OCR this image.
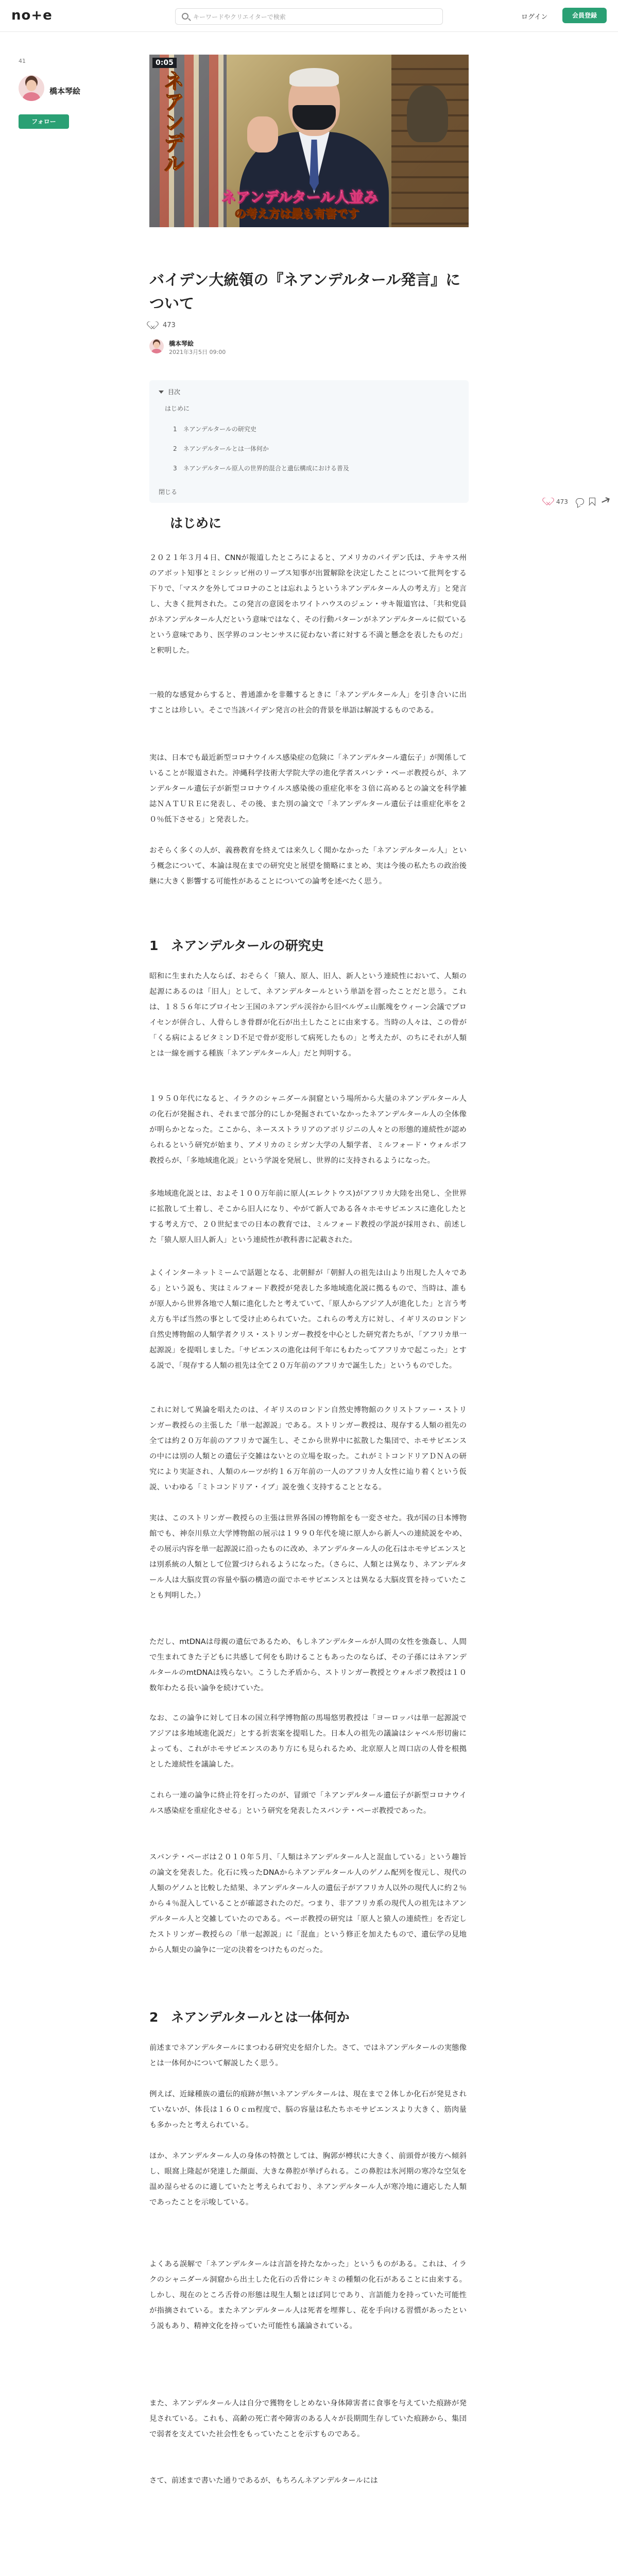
no+e
キーワードやクリエイターで検索	ログイン	会員登録
41
橋本琴絵
フォロー
0:05
ネアンデル
ネアンデルタール人並み
の考え方は最も有害です
バイデン大統領の『ネアンデルタール発言』について
473
橋本琴絵
2021年3月5日 09:00
目次
はじめに
1　ネアンデルタールの研究史
2　ネアンデルタールとは一体何か
3　ネアンデルタール原人の世界的混合と遺伝構成における普及
閉じる
473
はじめに

２０２１年３月４日、CNNが報道したところによると、アメリカのバイデン氏は、テキサス州のアボット知事とミシシッピ州のリーブス知事が出置解除を決定したことについて批判をする下りで、「マスクを外してコロナのことは忘れようというネアンデルタール人の考え方」と発言し、大きく批判された。この発言の意図をホワイトハウスのジェン・サキ報道官は、「共和党員がネアンデルタール人だという意味ではなく、その行動パターンがネアンデルタールに似ているという意味であり、医学界のコンセンサスに従わない者に対する不満と懸念を表したものだ」と釈明した。

一般的な感覚からすると、普通誰かを非難するときに「ネアンデルタール人」を引き合いに出すことは珍しい。そこで当該バイデン発言の社会的背景を単語は解説するものである。

実は、日本でも最近新型コロナウイルス感染症の危険に「ネアンデルタール遺伝子」が関係していることが報道された。沖縄科学技術大学院大学の進化学者スバンテ・ペーボ教授らが、ネアンデルタール遺伝子が新型コロナウイルス感染後の重症化率を３倍に高めるとの論文を科学雑誌ＮＡＴＵＲＥに発表し、その後、また別の論文で「ネアンデルタール遺伝子は重症化率を２０％低下させる」と発表した。

おそらく多くの人が、義務教育を終えては来久しく聞かなかった「ネアンデルタール人」という概念について、本論は現在までの研究史と展望を簡略にまとめ、実は今後の私たちの政治後継に大きく影響する可能性があることについての論考を述べたく思う。

1　ネアンデルタールの研究史

昭和に生まれた人ならば、おそらく「猿人、原人、旧人、新人という連続性において、人類の起源にあるのは「旧人」として、ネアンデルタールという単語を習ったことだと思う。これは、１８５６年にプロイセン王国のネアンデル渓谷から旧ベルヴェ山脈塊をウィーン会議でプロイセンが併合し、人骨らしき骨群が化石が出土したことに由来する。当時の人々は、この骨が「くる病によるビタミンＤ不足で骨が変形して病死したもの」と考えたが、のちにそれが人類とは一線を画する種族「ネアンデルタール人」だと判明する。

１９５０年代になると、イラクのシャニダール洞窟という場所から大量のネアンデルタール人の化石が発掘され、それまで部分的にしか発掘されていなかったネアンデルタール人の全体像が明らかとなった。ここから、ネースストラリアのアボリジニの人々との形態的連続性が認められるという研究が始まり、アメリカのミシガン大学の人類学者、ミルフォード・ウォルポフ教授らが、「多地域進化説」という学説を発展し、世界的に支持されるようになった。

多地域進化説とは、およそ１００万年前に原人(エレクトウス)がアフリカ大陸を出発し、全世界に拡散して土着し、そこから旧人になり、やがて新人である各々ホモサピエンスに進化したとする考え方で、２０世紀までの日本の教育では、ミルフォード教授の学説が採用され、前述した「猿人原人旧人新人」という連続性が教科書に記載された。

よくインターネットミームで話題となる、北朝鮮が「朝鮮人の祖先は山より出現した人々である」という説も、実はミルフォード教授が発表した多地域進化説に拠るもので、当時は、誰もが原人から世界各地で人類に進化したと考えていて、「原人からアジア人が進化した」と言う考え方も半ば当然の事として受け止められていた。これらの考え方に対し、イギリスのロンドン自然史博物館の人類学者クリス・ストリンガー教授を中心とした研究者たちが、「アフリカ単一起源説」を提唱しました。「サピエンスの進化は何千年にもわたってアフリカで起こった」とする説で、「現存する人類の祖先は全て２０万年前のアフリカで誕生した」というものでした。

これに対して異論を唱えたのは、イギリスのロンドン自然史博物館のクリストファー・ストリンガー教授らの主張した「単一起源説」である。ストリンガー教授は、現存する人類の祖先の全ては約２０万年前のアフリカで誕生し、そこから世界中に拡散した集団で、ホモサピエンスの中には別の人類との遺伝子交雑はないとの立場を取った。これがミトコンドリアＤＮＡの研究により実証され、人類のルーツが約１６万年前の一人のアフリカ人女性に辿り着くという仮説、いわゆる「ミトコンドリア・イブ」説を強く支持することとなる。

実は、このストリンガー教授らの主張は世界各国の博物館をも一変させた。我が国の日本博物館でも、神奈川県立大学博物館の展示は１９９０年代を境に原人から新人への連続説をやめ、その展示内容を単一起源説に沿ったものに改め、ネアンデルタール人の化石はホモサピエンスとは別系統の人類として位置づけられるようになった。（さらに、人類とは異なり、ネアンデルタール人は大脳皮質の容量や脳の構造の面でホモサピエンスとは異なる大脳皮質を持っていたことも判明した。）

ただし、mtDNAは母親の遺伝であるため、もしネアンデルタールが人間の女性を強姦し、人間で生まれてきた子どもに共感して何をも助けることもあったのならば、その子孫にはネアンデルタールのmtDNAは残らない。こうした矛盾から、ストリンガー教授とウォルポフ教授は１０数年わたる長い論争を続けていた。

なお、この論争に対して日本の国立科学博物館の馬場悠男教授は「ヨーロッパは単一起源説でアジアは多地域進化説だ」とする折衷案を提唱した。日本人の祖先の議論はシャベル形切歯によっても、これがホモサピエンスのあり方にも見られるため、北京原人と周口店の人骨を根拠とした連続性を議論した。

これら一連の論争に終止符を打ったのが、冒頭で「ネアンデルタール遺伝子が新型コロナウイルス感染症を重症化させる」という研究を発表したスバンテ・ペーボ教授であった。

スバンテ・ペーボは２０１０年５月、「人類はネアンデルタール人と混血している」という趣旨の論文を発表した。化石に残ったDNAからネアンデルタール人のゲノム配列を復元し、現代の人類のゲノムと比較した結果、ネアンデルタール人の遺伝子がアフリカ人以外の現代人に約２％から４％混入していることが確認されたのだ。つまり、非アフリカ系の現代人の祖先はネアンデルタール人と交雑していたのである。ペーボ教授の研究は「原人と猿人の連続性」を否定したストリンガー教授らの「単一起源説」に「混血」という修正を加えたもので、遺伝学の見地から人類史の論争に一定の決着をつけたものだった。

2　ネアンデルタールとは一体何か

前述までネアンデルタールにまつわる研究史を紹介した。さて、ではネアンデルタールの実態像とは一体何かについて解説したく思う。

例えば、近縁種族の遺伝的痕跡が無いネアンデルタールは、現在まで２体しか化石が発見されていないが、体長は１６０ｃｍ程度で、脳の容量は私たちホモサピエンスより大きく、筋肉量も多かったと考えられている。

ほか、ネアンデルタール人の身体の特徴としては、胸郭が樽状に大きく、前頭骨が後方へ傾斜し、眼窩上隆起が発達した顔面、大きな鼻腔が挙げられる。この鼻腔は氷河期の寒冷な空気を温め湿らせるのに適していたと考えられており、ネアンデルタール人が寒冷地に適応した人類であったことを示唆している。

よくある誤解で「ネアンデルタールは言語を持たなかった」というものがある。これは、イラクのシャニダール洞窟から出土した化石の舌骨にシキミの種類の化石があることに由来する。しかし、現在のところ舌骨の形態は現生人類とほぼ同じであり、言語能力を持っていた可能性が指摘されている。またネアンデルタール人は死者を埋葬し、花を手向ける習慣があったという説もあり、精神文化を持っていた可能性も議論されている。

また、ネアンデルタール人は自分で獲物をしとめない身体障害者に食事を与えていた痕跡が発見されている。これも、高齢の死亡者や障害のある人々が長期間生存していた痕跡から、集団で弱者を支えていた社会性をもっていたことを示すものである。

さて、前述まで書いた通りであるが、もちろんネアンデルタールには
